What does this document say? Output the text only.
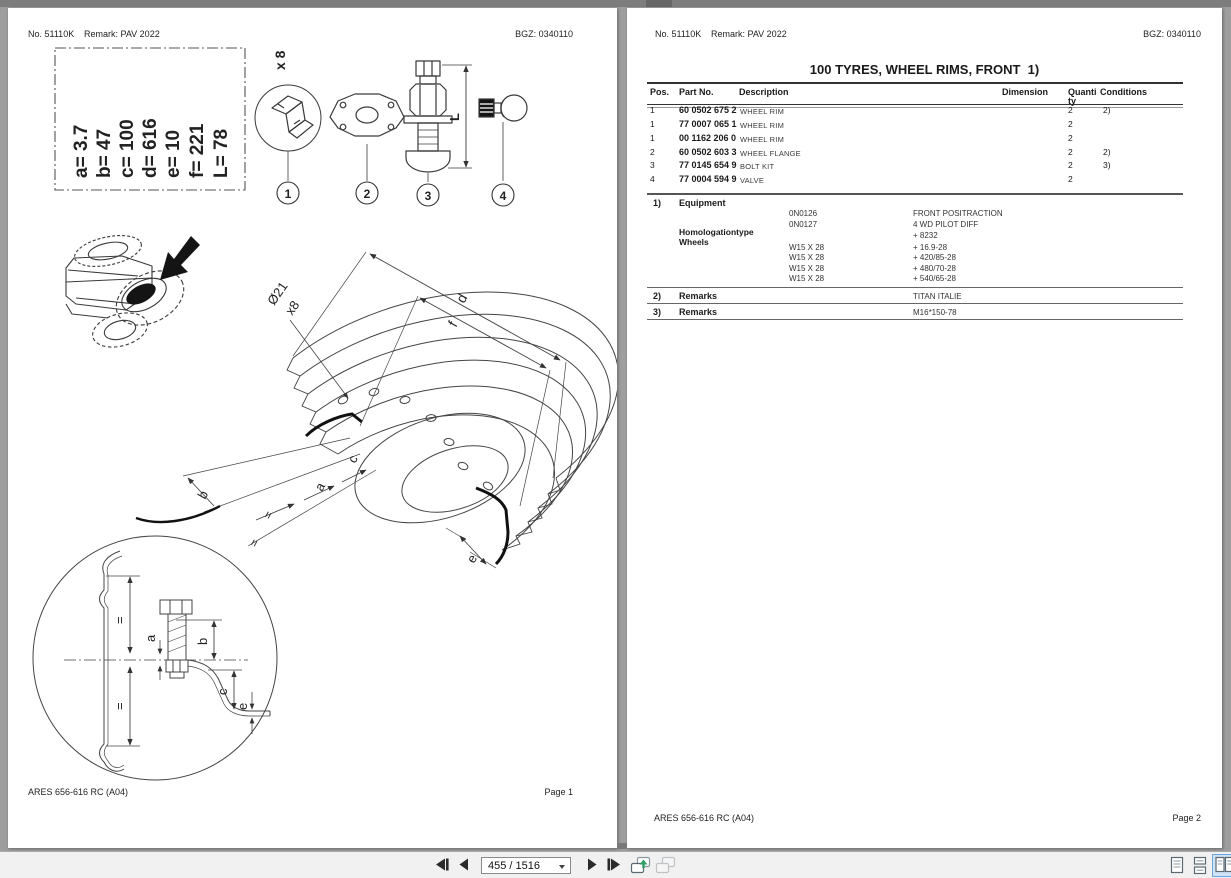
No. 51110K Remark: PAV 2022	BGZ: 0340110
a= 3.7 b= 47 c= 100 d= 616 e= 10 f= 221 L= 78
x 8
L
1	2	3	4
Ø21
x8	d
f
b
=
=
a
c
e
=
=
a	b
c
e
ARES 656-616 RC (A04)	Page 1
No. 51110K Remark: PAV 2022	BGZ: 0340110
100 TYRES, WHEEL RIMS, FRONT  1)
Pos. Part No.	Description	Dimension Quanti
ty
Conditions
1	60 0502 675 2 WHEEL RIM	2	2)
1	77 0007 065 1 WHEEL RIM	2
1	00 1162 206 0 WHEEL RIM	2
2	60 0502 603 3 WHEEL FLANGE	2	2)
3	77 0145 654 9 BOLT KIT	2	3)
4	77 0004 594 9 VALVE	2
1) Equipment
0N0126	FRONT POSITRACTION
0N0127	4 WD PILOT DIFF
Homologationtype	+ 8232
Wheels	W15 X 28	+ 16.9-28
W15 X 28	+ 420/85-28
W15 X 28	+ 480/70-28
W15 X 28	+ 540/65-28
2) Remarks	TITAN ITALIE
3) Remarks	M16*150-78
ARES 656-616 RC (A04)	Page 2
455 / 1516
